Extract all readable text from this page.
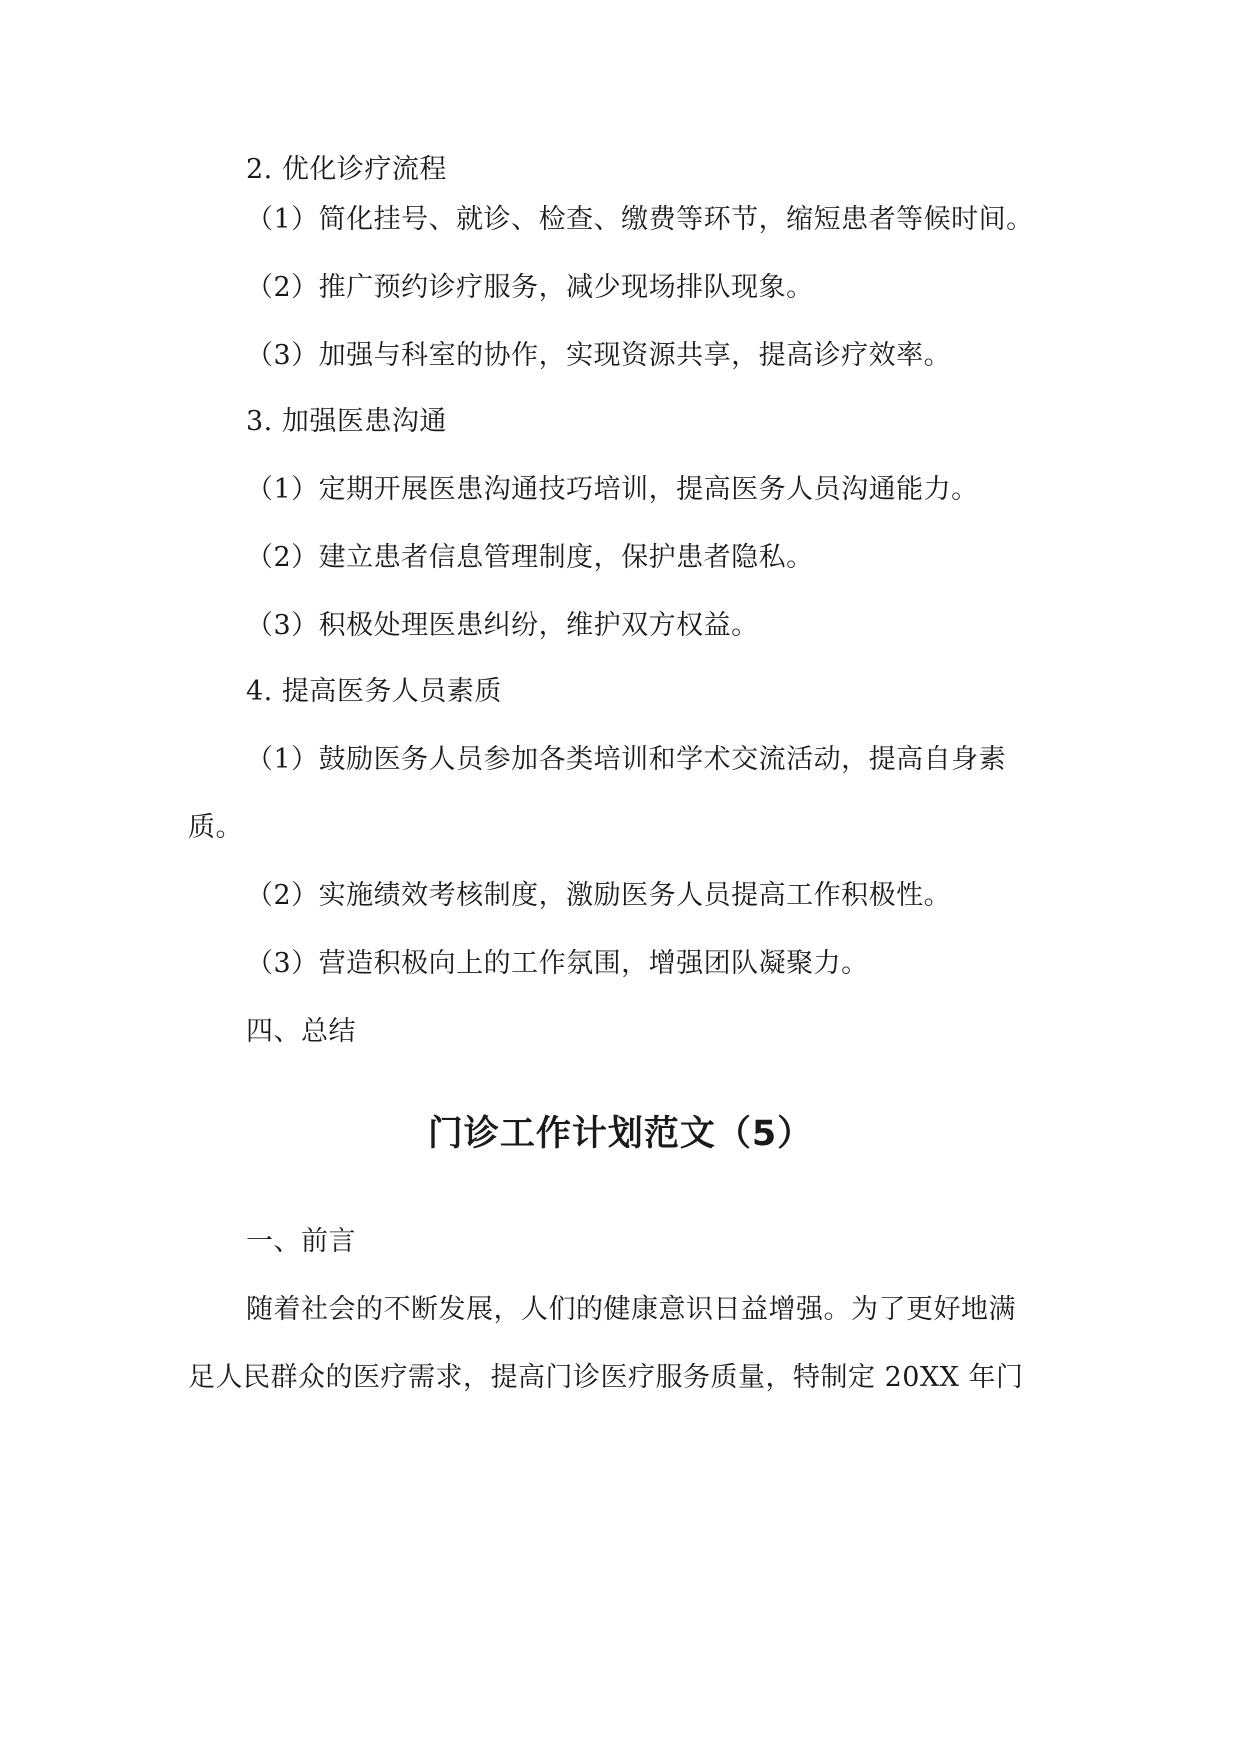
2. 优化诊疗流程
（1）简化挂号、就诊、检查、缴费等环节，缩短患者等候时间。
（2）推广预约诊疗服务，减少现场排队现象。
（3）加强与科室的协作，实现资源共享，提高诊疗效率。
3. 加强医患沟通
（1）定期开展医患沟通技巧培训，提高医务人员沟通能力。
（2）建立患者信息管理制度，保护患者隐私。
（3）积极处理医患纠纷，维护双方权益。
4. 提高医务人员素质
（1）鼓励医务人员参加各类培训和学术交流活动，提高自身素
质。
（2）实施绩效考核制度，激励医务人员提高工作积极性。
（3）营造积极向上的工作氛围，增强团队凝聚力。
四、总结
门诊工作计划范文（5）
一、前言
随着社会的不断发展，人们的健康意识日益增强。为了更好地满
足人民群众的医疗需求，提高门诊医疗服务质量，特制定 20XX 年门
